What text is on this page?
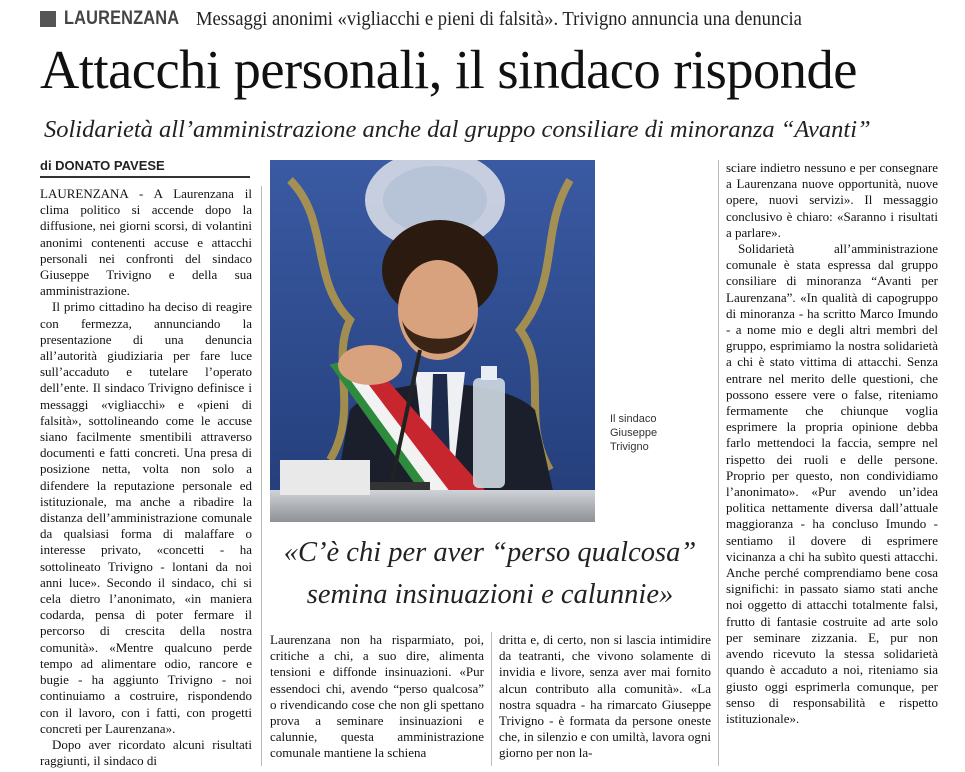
LAURENZANA Messaggi anonimi «vigliacchi e pieni di falsità». Trivigno annuncia una denuncia
Attacchi personali, il sindaco risponde
Solidarietà all’amministrazione anche dal gruppo consiliare di minoranza “Avanti”
di DONATO PAVESE

LAURENZANA - A Laurenzana il clima politico si accende dopo la diffusione, nei giorni scorsi, di volantini anonimi contenenti accuse e attacchi personali nei confronti del sindaco Giuseppe Trivigno e della sua amministrazione.

Il primo cittadino ha deciso di reagire con fermezza, annunciando la presentazione di una denuncia all’autorità giudiziaria per fare luce sull’accaduto e tutelare l’operato dell’ente. Il sindaco Trivigno definisce i messaggi «vigliacchi» e «pieni di falsità», sottolineando come le accuse siano facilmente smentibili attraverso documenti e fatti concreti. Una presa di posizione netta, volta non solo a difendere la reputazione personale ed istituzionale, ma anche a ribadire la distanza dell’amministrazione comunale da qualsiasi forma di malaffare o interesse privato, «concetti - ha sottolineato Trivigno - lontani da noi anni luce». Secondo il sindaco, chi si cela dietro l’anonimato, «in maniera codarda, pensa di poter fermare il percorso di crescita della nostra comunità». «Mentre qualcuno perde tempo ad alimentare odio, rancore e bugie - ha aggiunto Trivigno - noi continuiamo a costruire, rispondendo con il lavoro, con i fatti, con progetti concreti per Laurenzana».

Dopo aver ricordato alcuni risultati raggiunti, il sindaco di

Il sindaco
Giuseppe
Trivigno
«C’è chi per aver “perso qualcosa”
semina insinuazioni e calunnie»

Laurenzana non ha risparmiato, poi, critiche a chi, a suo dire, alimenta tensioni e diffonde insinuazioni. «Pur essendoci chi, avendo “perso qualcosa” o rivendicando cose che non gli spettano prova a seminare insinuazioni e calunnie, questa amministrazione comunale mantiene la schiena

dritta e, di certo, non si lascia intimidire da teatranti, che vivono solamente di invidia e livore, senza aver mai fornito alcun contributo alla comunità». «La nostra squadra - ha rimarcato Giuseppe Trivigno - è formata da persone oneste che, in silenzio e con umiltà, lavora ogni giorno per non la-

sciare indietro nessuno e per consegnare a Laurenzana nuove opportunità, nuove opere, nuovi servizi». Il messaggio conclusivo è chiaro: «Saranno i risultati a parlare».

Solidarietà all’amministrazione comunale è stata espressa dal gruppo consiliare di minoranza “Avanti per Laurenzana”. «In qualità di capogruppo di minoranza - ha scritto Marco Imundo - a nome mio e degli altri membri del gruppo, esprimiamo la nostra solidarietà a chi è stato vittima di attacchi. Senza entrare nel merito delle questioni, che possono essere vere o false, riteniamo fermamente che chiunque voglia esprimere la propria opinione debba farlo mettendoci la faccia, sempre nel rispetto dei ruoli e delle persone. Proprio per questo, non condividiamo l’anonimato». «Pur avendo un’idea politica nettamente diversa dall’attuale maggioranza - ha concluso Imundo - sentiamo il dovere di esprimere vicinanza a chi ha subìto questi attacchi. Anche perché comprendiamo bene cosa significhi: in passato siamo stati anche noi oggetto di attacchi totalmente falsi, frutto di fantasie costruite ad arte solo per seminare zizzania. E, pur non avendo ricevuto la stessa solidarietà quando è accaduto a noi, riteniamo sia giusto oggi esprimerla comunque, per senso di responsabilità e rispetto istituzionale».
